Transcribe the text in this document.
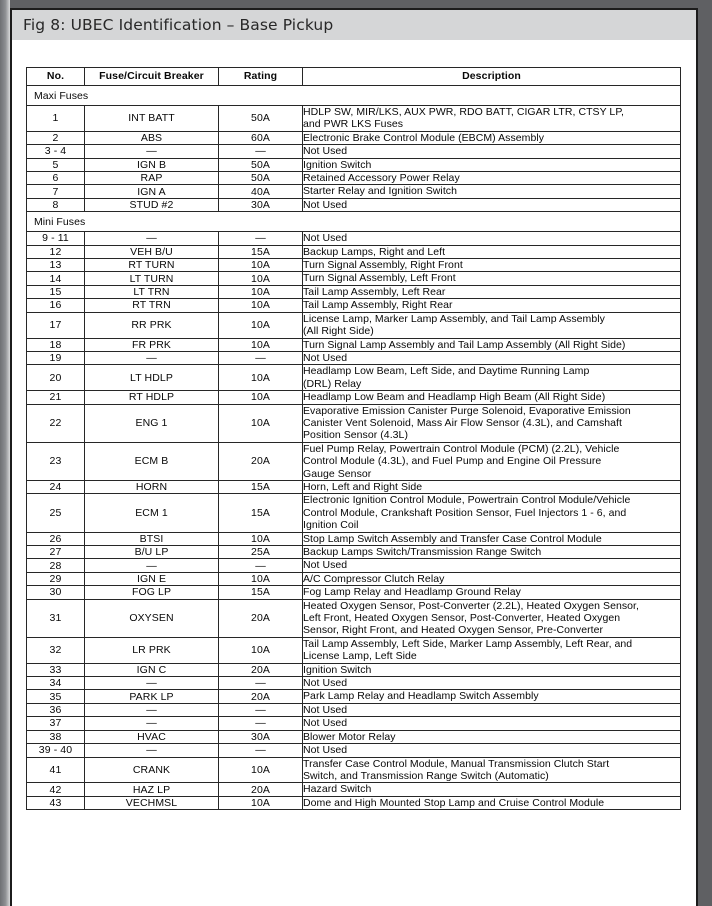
Fig 8: UBEC Identification – Base Pickup
No.	Fuse/Circuit Breaker	Rating	Description
Maxi Fuses			
1	INT BATT	50A	HDLP SW, MIR/LKS, AUX PWR, RDO BATT, CIGAR LTR, CTSY LP,
and PWR LKS Fuses

2	ABS	60A	Electronic Brake Control Module (EBCM) Assembly

3 - 4	—	—	Not Used

5	IGN B	50A	Ignition Switch

6	RAP	50A	Retained Accessory Power Relay

7	IGN A	40A	Starter Relay and Ignition Switch

8	STUD #2	30A	Not Used

Mini Fuses			
9 - 11	—	—	Not Used

12	VEH B/U	15A	Backup Lamps, Right and Left

13	RT TURN	10A	Turn Signal Assembly, Right Front

14	LT TURN	10A	Turn Signal Assembly, Left Front

15	LT TRN	10A	Tail Lamp Assembly, Left Rear

16	RT TRN	10A	Tail Lamp Assembly, Right Rear

17	RR PRK	10A	License Lamp, Marker Lamp Assembly, and Tail Lamp Assembly
(All Right Side)

18	FR PRK	10A	Turn Signal Lamp Assembly and Tail Lamp Assembly (All Right Side)

19	—	—	Not Used

20	LT HDLP	10A	Headlamp Low Beam, Left Side, and Daytime Running Lamp
(DRL) Relay

21	RT HDLP	10A	Headlamp Low Beam and Headlamp High Beam (All Right Side)

22	ENG 1	10A	Evaporative Emission Canister Purge Solenoid, Evaporative Emission
Canister Vent Solenoid, Mass Air Flow Sensor (4.3L), and Camshaft
Position Sensor (4.3L)

23	ECM B	20A	Fuel Pump Relay, Powertrain Control Module (PCM) (2.2L), Vehicle
Control Module (4.3L), and Fuel Pump and Engine Oil Pressure
Gauge Sensor

24	HORN	15A	Horn, Left and Right Side

25	ECM 1	15A	Electronic Ignition Control Module, Powertrain Control Module/Vehicle
Control Module, Crankshaft Position Sensor, Fuel Injectors 1 - 6, and
Ignition Coil

26	BTSI	10A	Stop Lamp Switch Assembly and Transfer Case Control Module

27	B/U LP	25A	Backup Lamps Switch/Transmission Range Switch

28	—	—	Not Used

29	IGN E	10A	A/C Compressor Clutch Relay

30	FOG LP	15A	Fog Lamp Relay and Headlamp Ground Relay

31	OXYSEN	20A	Heated Oxygen Sensor, Post-Converter (2.2L), Heated Oxygen Sensor,
Left Front, Heated Oxygen Sensor, Post-Converter, Heated Oxygen
Sensor, Right Front, and Heated Oxygen Sensor, Pre-Converter

32	LR PRK	10A	Tail Lamp Assembly, Left Side, Marker Lamp Assembly, Left Rear, and
License Lamp, Left Side

33	IGN C	20A	Ignition Switch

34	—	—	Not Used

35	PARK LP	20A	Park Lamp Relay and Headlamp Switch Assembly

36	—	—	Not Used

37	—	—	Not Used

38	HVAC	30A	Blower Motor Relay

39 - 40	—	—	Not Used

41	CRANK	10A	Transfer Case Control Module, Manual Transmission Clutch Start
Switch, and Transmission Range Switch (Automatic)

42	HAZ LP	20A	Hazard Switch

43	VECHMSL	10A	Dome and High Mounted Stop Lamp and Cruise Control Module
